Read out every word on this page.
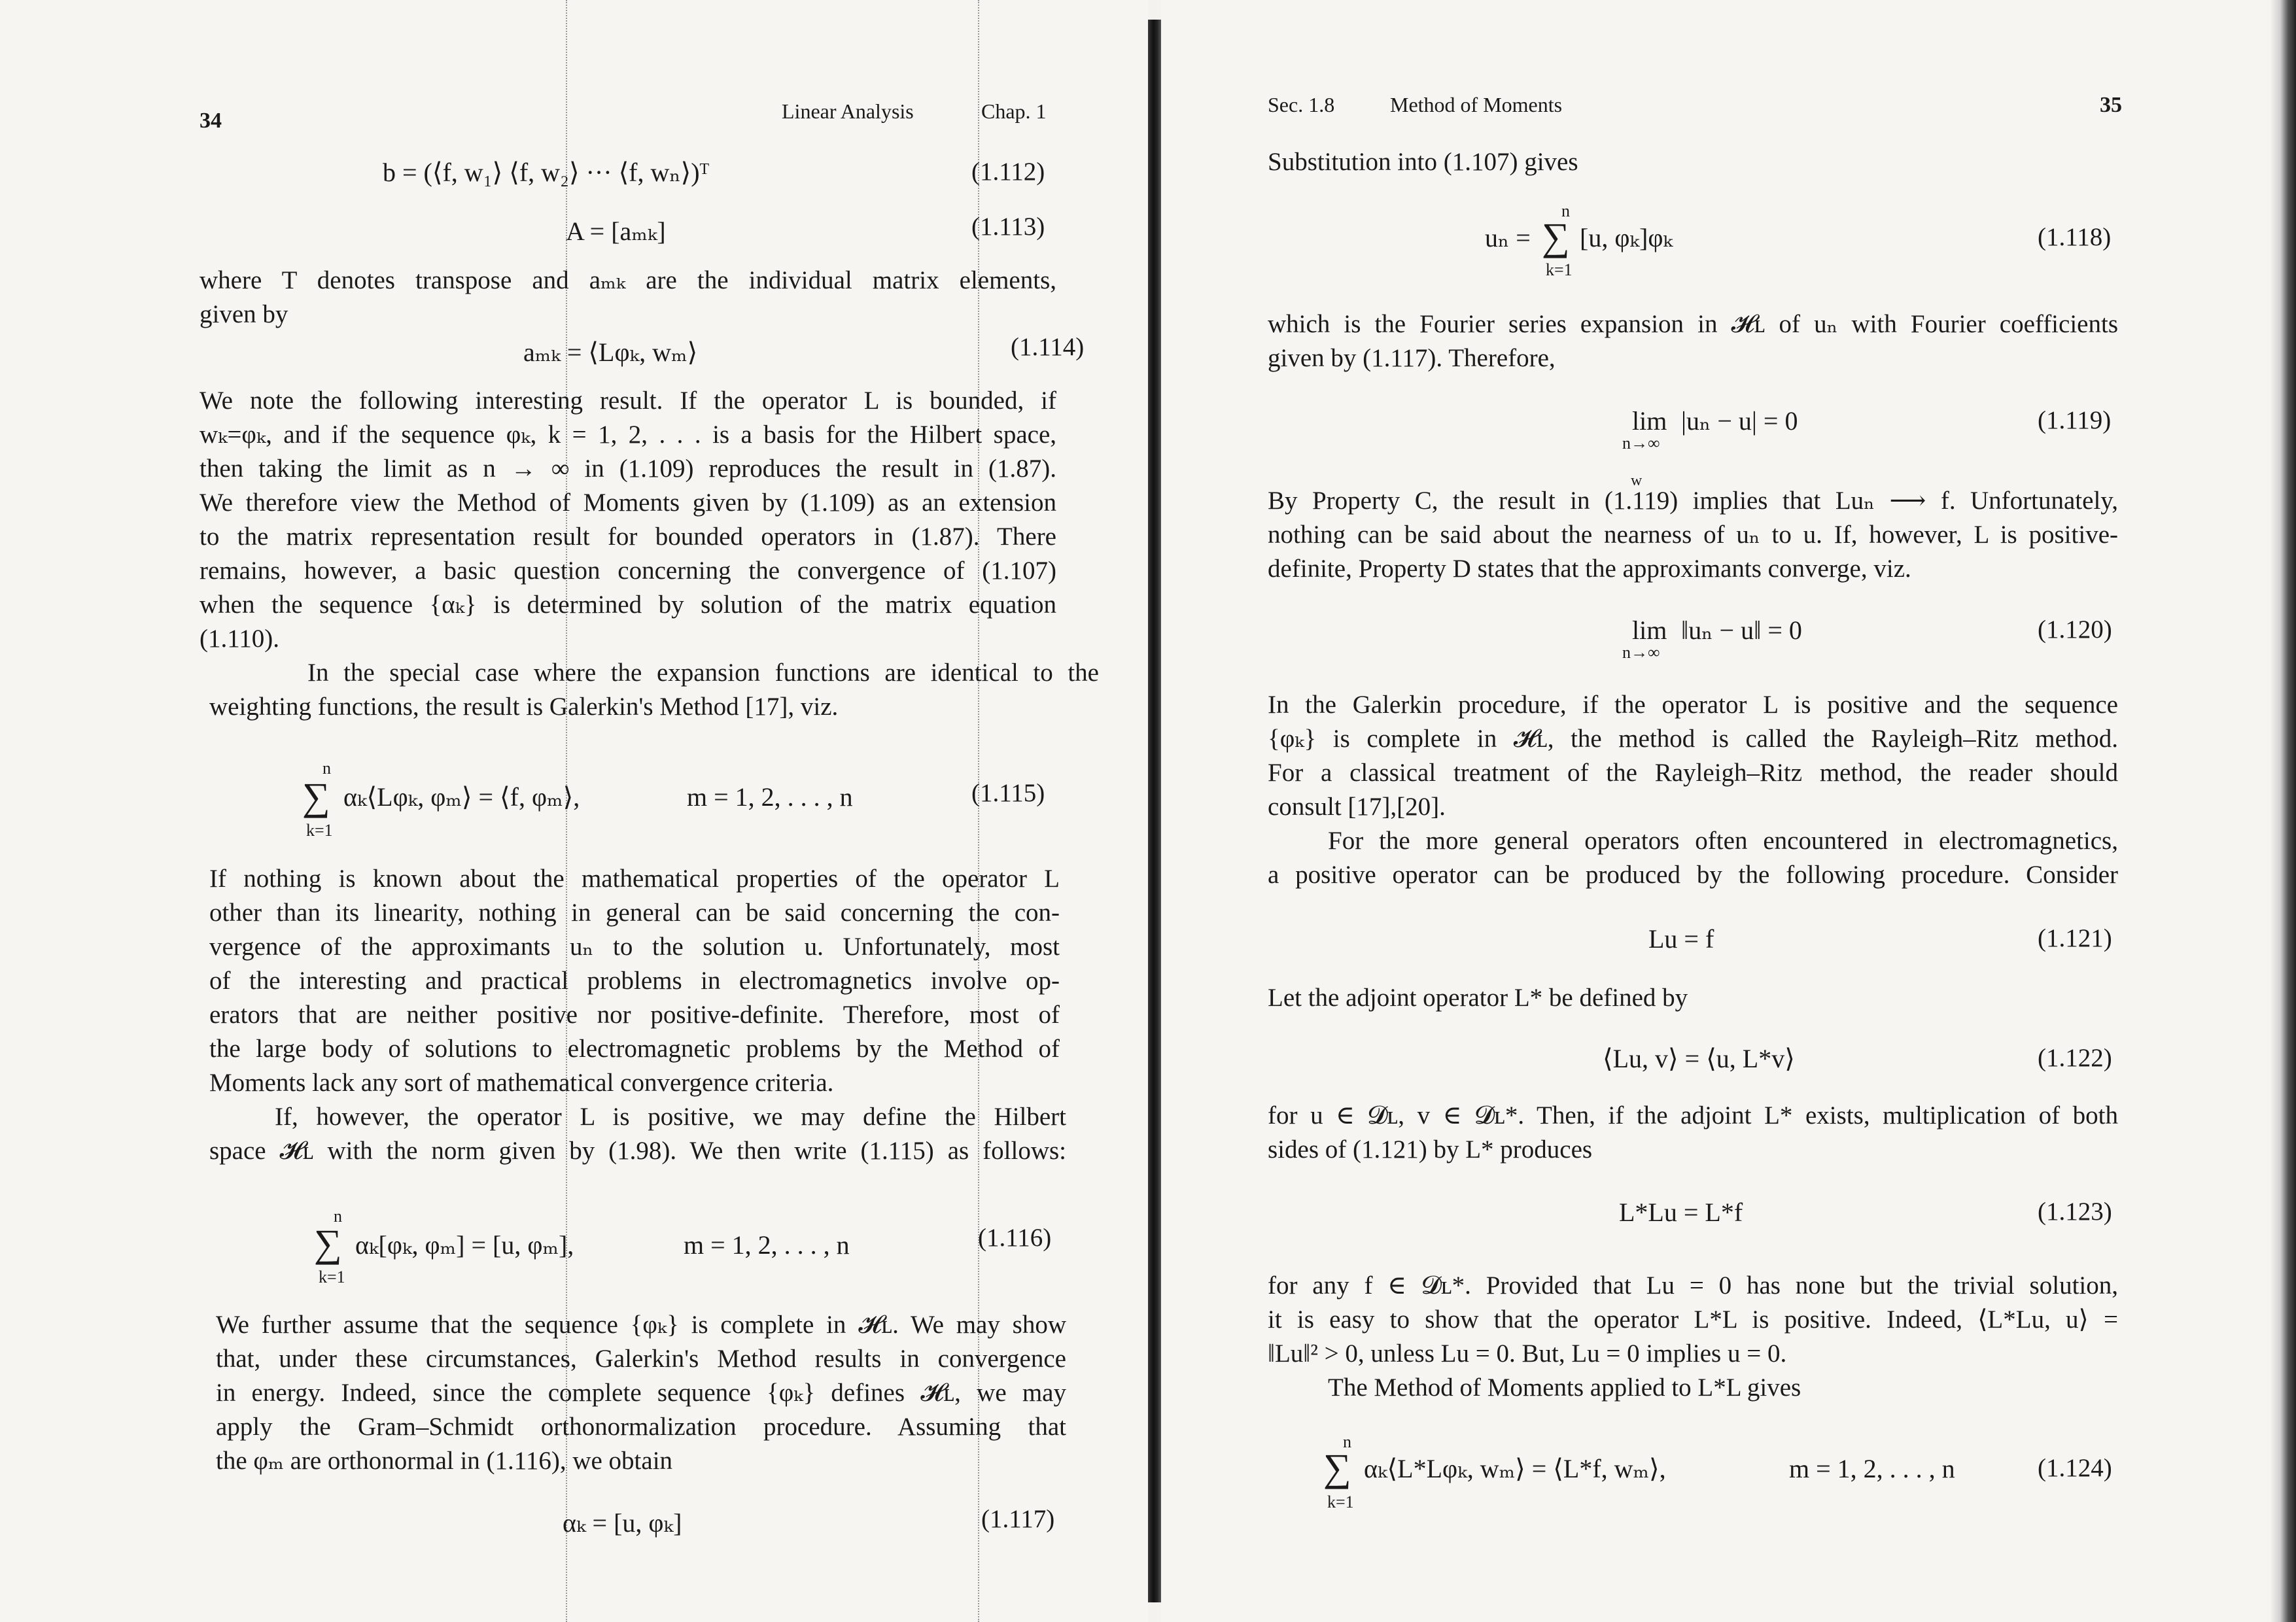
34	Linear Analysis	Chap. 1
b = (⟨f, w₁⟩ ⟨f, w₂⟩ ··· ⟨f, wₙ⟩)ᵀ	(1.112)
A = [aₘₖ]	(1.113)
where T denotes transpose and aₘₖ are the individual matrix elements,
given by
aₘₖ = ⟨Lφₖ, wₘ⟩	(1.114)
We note the following interesting result. If the operator L is bounded, if
wₖ=φₖ, and if the sequence φₖ, k = 1, 2, . . . is a basis for the Hilbert space,
then taking the limit as n → ∞ in (1.109) reproduces the result in (1.87).
We therefore view the Method of Moments given by (1.109) as an extension
to the matrix representation result for bounded operators in (1.87). There
remains, however, a basic question concerning the convergence of (1.107)
when the sequence {αₖ} is determined by solution of the matrix equation
(1.110).
In the special case where the expansion functions are identical to the
weighting functions, the result is Galerkin's Method [17], viz.
n
∑
k=1
αₖ⟨Lφₖ, φₘ⟩ = ⟨f, φₘ⟩,	m = 1, 2, . . . , n	(1.115)
If nothing is known about the mathematical properties of the operator L
other than its linearity, nothing in general can be said concerning the con-
vergence of the approximants uₙ to the solution u. Unfortunately, most
of the interesting and practical problems in electromagnetics involve op-
erators that are neither positive nor positive-definite. Therefore, most of
the large body of solutions to electromagnetic problems by the Method of
Moments lack any sort of mathematical convergence criteria.
If, however, the operator L is positive, we may define the Hilbert
space 𝓗ʟ with the norm given by (1.98). We then write (1.115) as follows:
n
∑
k=1
αₖ[φₖ, φₘ] = [u, φₘ],	m = 1, 2, . . . , n	(1.116)
We further assume that the sequence {φₖ} is complete in 𝓗ʟ. We may show
that, under these circumstances, Galerkin's Method results in convergence
in energy. Indeed, since the complete sequence {φₖ} defines 𝓗ʟ, we may
apply the Gram–Schmidt orthonormalization procedure. Assuming that
the φₘ are orthonormal in (1.116), we obtain
αₖ = [u, φₖ]	(1.117)
Sec. 1.8	Method of Moments	35
Substitution into (1.107) gives
uₙ =
n
∑
k=1
[u, φₖ]φₖ	(1.118)
which is the Fourier series expansion in 𝓗ʟ of uₙ with Fourier coefficients
given by (1.117). Therefore,
lim
n→∞
|uₙ − u| = 0	(1.119)
w
By Property C, the result in (1.119) implies that Luₙ ⟶ f. Unfortunately,
nothing can be said about the nearness of uₙ to u. If, however, L is positive-
definite, Property D states that the approximants converge, viz.
lim
n→∞
‖uₙ − u‖ = 0	(1.120)
In the Galerkin procedure, if the operator L is positive and the sequence
{φₖ} is complete in 𝓗ʟ, the method is called the Rayleigh–Ritz method.
For a classical treatment of the Rayleigh–Ritz method, the reader should
consult [17],[20].
For the more general operators often encountered in electromagnetics,
a positive operator can be produced by the following procedure. Consider
Lu = f	(1.121)
Let the adjoint operator L* be defined by
⟨Lu, v⟩ = ⟨u, L*v⟩	(1.122)
for u ∈ 𝓓ʟ, v ∈ 𝓓ʟ*. Then, if the adjoint L* exists, multiplication of both
sides of (1.121) by L* produces
L*Lu = L*f	(1.123)
for any f ∈ 𝓓ʟ*. Provided that Lu = 0 has none but the trivial solution,
it is easy to show that the operator L*L is positive. Indeed, ⟨L*Lu, u⟩ =
‖Lu‖² > 0, unless Lu = 0. But, Lu = 0 implies u = 0.
The Method of Moments applied to L*L gives
n
∑
k=1
αₖ⟨L*Lφₖ, wₘ⟩ = ⟨L*f, wₘ⟩,	m = 1, 2, . . . , n	(1.124)
